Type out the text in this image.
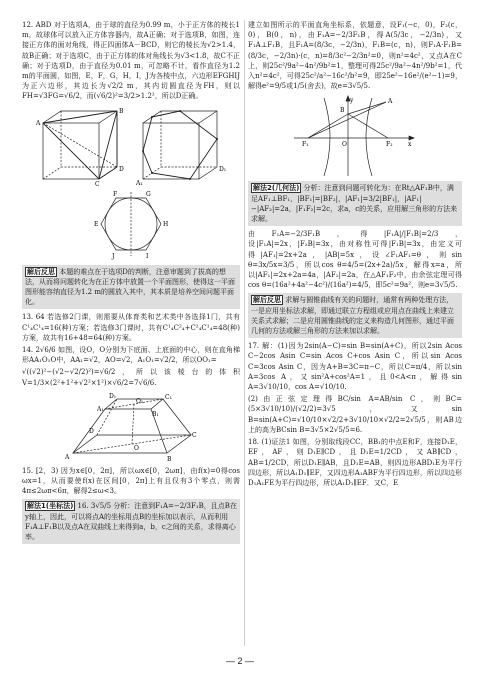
12. ABD 对于选项A，由于球的直径为0.99 m，小于正方体的棱长1 m，故球体可以放入正方体容器内，故A正确；对于选项B，如图，连接正方体的面对角线，得正四面体A－BCD，则它的棱长为√2>1.4，故B正确；对于选项C，由于正方体的体对角线长为√3<1.8，故C不正确；对于选项D，由于直径为0.01 m，可忽略不计，看作直径为1.2 m的平面圆，如图，E，F，G，H，I，J为各棱中点，六边形EFGHIJ为正六边形，其边长为√2/2 m，其内切圆直径为FH，则以FH=√3FG=√6/2，而(√6/2)²=3/2>1.2²，所以D正确。

A
B
C
D
A₁
D₁
F	G
E	H
J	I
解后反思 本题的难点在于选项D的判断，注意审题到了拔高的想法，从而将问题转化为在正方体中放置一个平面图形，使得这一平面图形能容纳直径为1.2 m的圆放入其中，其本质是培养空间问题平面化。

13. 64 若选修2门课，则需要从体育类和艺术类中各选择1门，共有C¹₄C¹₄=16(种)方案；若选修3门课时，共有C¹₄C²₄+C²₄C¹₄=48(种)方案，故共有16+48=64(种)方案。

14. 2√6/6 如图，设O，O分别为下底面、上底面的中心，则在直角梯形AA₁O₁O中，AA₁=√2，AO=√2，A₁O₁=√2/2，所以OO₁=

√((√2)²−(√2−√2/2)²)=√6/2，所以该棱台的体积V=1/3×(2²+1²+√2²×1²)×√6/2=7√6/6.

A	B
C
D
O
A₁
B₁
C₁
D₁
O₁

15. [2，3) 因为x∈[0，2π]，所以ωx∈[0，2ωπ]，由f(x)=0得cos ωx=1，从而要使f(x)在区间[0，2π]上有且仅有3个零点，则需4π≤2ωπ<6π，解得2≤ω<3。

解法1(坐标法) 16. 3√5/5 分析：注意到F₁A=−2/3F₁B，且点B在y轴上，因此，可以将点A的坐标用点B的坐标加以表示，从而利用F₁A⊥F₁B以及点A在双曲线上来得到a，b，c之间的关系，求得离心率。

建立如图所示的平面直角坐标系，依题意，设F₁(−c，0)，F₂(c，0)，B(0，n)，由F₁A=−2/3F₁B，得A(5/3c，−2/3n)，又F₁A⊥F₁B，且F₁A=(8/3c，−2/3n)，F₁B=(c，n)，则F₁A·F₁B=(8/3c，−2/3n)·(c，n)=8/3c²−2/3n²=0，则n²=4c²，又点A在C上，则25c²/9a²−4n²/9b²=1，整理可得25c²/9a²−4n²/9b²=1，代入n²=4c²，可得25c²/a²−16c²/b²=9，即25e²−16e²/(e²−1)=9，解得e²=9/5或1/5(舍去)，故e=3√5/5.

y
x
O
F₁	F₂
A
B
解法2(几何法) 分析：注意到问题可转化为：在Rt△AF₁B中，满足AF₁⊥BF₁，|BF₁|=|BF₂|，|AF₁|=3/2|BF₁|，|AF₁|−|AF₂|=2a，|F₁F₂|=2c，求a，c的关系，应用解三角形的方法来求解。

由F₁A=−2/3F₁B，得|F₁A|/|F₁B|=2/3，设|F₁A|=2x，|F₂B|=3x，由对称性可得|F₁B|=3x，由定义可得|AF₁|=2x+2a，|AB|=5x，设∠F₁AF₁=θ，则sin θ=3x/5x=3/5，所以cos θ=4/5=(2x+2a)/5x，解得x=a，所以|AF₁|=2x+2a=4a，|AF₂|=2a，在△AF₁F₂中，由余弦定理可得cos θ=(16a²+4a²−4c²)/(16a²)=4/5，即5c²=9a²，则e=3√5/5.

解后反思 求解与圆锥曲线有关的问题时，通常有两种处理方法，一是应用坐标法求解，即通过联立方程组或应用点在曲线上来建立关系式求解；二是应用圆锥曲线的定义来构造几何图形，通过平面几何的方法或解三角形的方法来加以求解。

17. 解：(1)因为2sin(A−C)=sin B=sin(A+C)，所以2sin Acos C−2cos Asin C=sin Acos C+cos Asin C，所以sin Acos C=3cos Asin C，因为A+B=3C=π−C，所以C=π/4，所以sin A=3cos A，又sin²A+cos²A=1，且0<A<π，解得sin A=3√10/10，cos A=√10/10.

(2)由正弦定理得BC/sin A=AB/sin C，则BC=(5×3√10/10)/(√2/2)=3√5，又sin B=sin(A+C)=√10/10×√2/2+3√10/10×√2/2=2√5/5，则AB边上的高为BCsin B=3√5×2√5/5=6.

18. (1)证法1 如图，分别取线段CC，BB₁的中点E和F，连接D₁E，EF，AF，则D₁E∥CD，且D₁E=1/2CD，又AB∥CD，AB=1/2CD，所以D₁E∥AB，且D₁E=AB，则四边形ABD₁E为平行四边形，所以A₁D₁∥EF，又四边形A₁ABF为平行四边形，所以四边形D₁A₁FE为平行四边形，所以A₁D₁∥EF．又C，E

— 2 —
